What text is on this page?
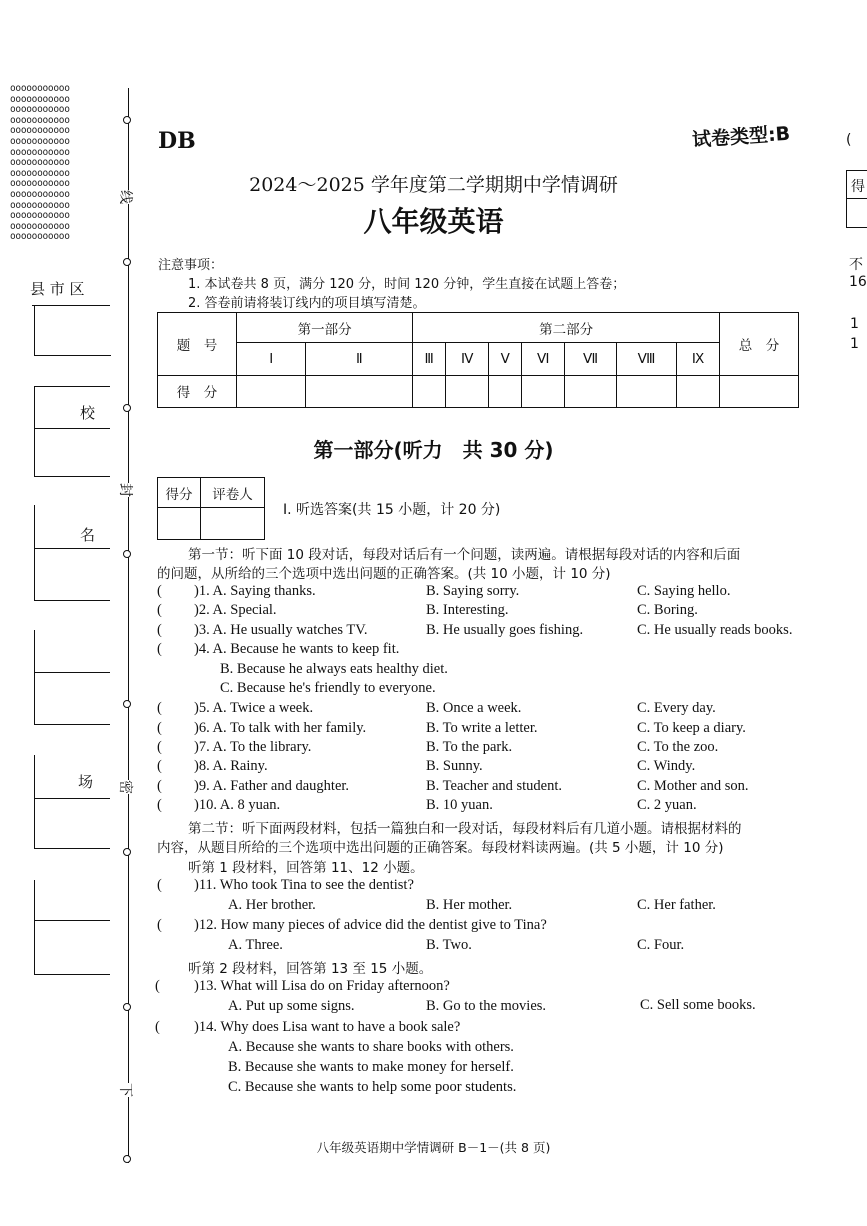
ooooooooooo
ooooooooooo
ooooooooooo
ooooooooooo
ooooooooooo
ooooooooooo
ooooooooooo
ooooooooooo
ooooooooooo
ooooooooooo
ooooooooooo
ooooooooooo
ooooooooooo
ooooooooooo
ooooooooooo
线
封
密
下
县 市 区
校
名
场
DB	试卷类型:B
2024～2025 学年度第二学期期中学情调研
八年级英语
注意事项：
1. 本试卷共 8 页，满分 120 分，时间 120 分钟，学生直接在试题上答卷；
2. 答卷前请将装订线内的项目填写清楚。
题　号	第一部分		第二部分							总　分
	Ⅰ	Ⅱ	Ⅲ	Ⅳ	Ⅴ	Ⅵ	Ⅶ	Ⅷ	Ⅸ	
得　分										
第一部分(听力　共 30 分)
得分	评卷人

Ⅰ. 听选答案(共 15 小题，计 20 分)
第一节：听下面 10 段对话，每段对话后有一个问题，读两遍。请根据每段对话的内容和后面
的问题，从所给的三个选项中选出问题的正确答案。(共 10 小题，计 10 分)
( )1. A. Saying thanks.	B. Saying sorry.	C. Saying hello.
( )2. A. Special.	B. Interesting.	C. Boring.
( )3. A. He usually watches TV.	B. He usually goes fishing.	C. He usually reads books.
( )4. A. Because he wants to keep fit.
B. Because he always eats healthy diet.
C. Because he's friendly to everyone.
( )5. A. Twice a week.	B. Once a week.	C. Every day.
( )6. A. To talk with her family.	B. To write a letter.	C. To keep a diary.
( )7. A. To the library.	B. To the park.	C. To the zoo.
( )8. A. Rainy.	B. Sunny.	C. Windy.
( )9. A. Father and daughter.	B. Teacher and student.	C. Mother and son.
( )10. A. 8 yuan.	B. 10 yuan.	C. 2 yuan.
第二节：听下面两段材料，包括一篇独白和一段对话，每段材料后有几道小题。请根据材料的
内容，从题目所给的三个选项中选出问题的正确答案。每段材料读两遍。(共 5 小题，计 10 分)
听第 1 段材料，回答第 11、12 小题。
( )11. Who took Tina to see the dentist?
A. Her brother.	B. Her mother.	C. Her father.
( )12. How many pieces of advice did the dentist give to Tina?
A. Three.	B. Two.	C. Four.
听第 2 段材料，回答第 13 至 15 小题。
( )13. What will Lisa do on Friday afternoon?
A. Put up some signs.	B. Go to the movies.	C. Sell some books.
( )14. Why does Lisa want to have a book sale?
A. Because she wants to share books with others.
B. Because she wants to make money for herself.
C. Because she wants to help some poor students.
八年级英语期中学情调研 B－1－(共 8 页)
(
得
不
16
1
1
